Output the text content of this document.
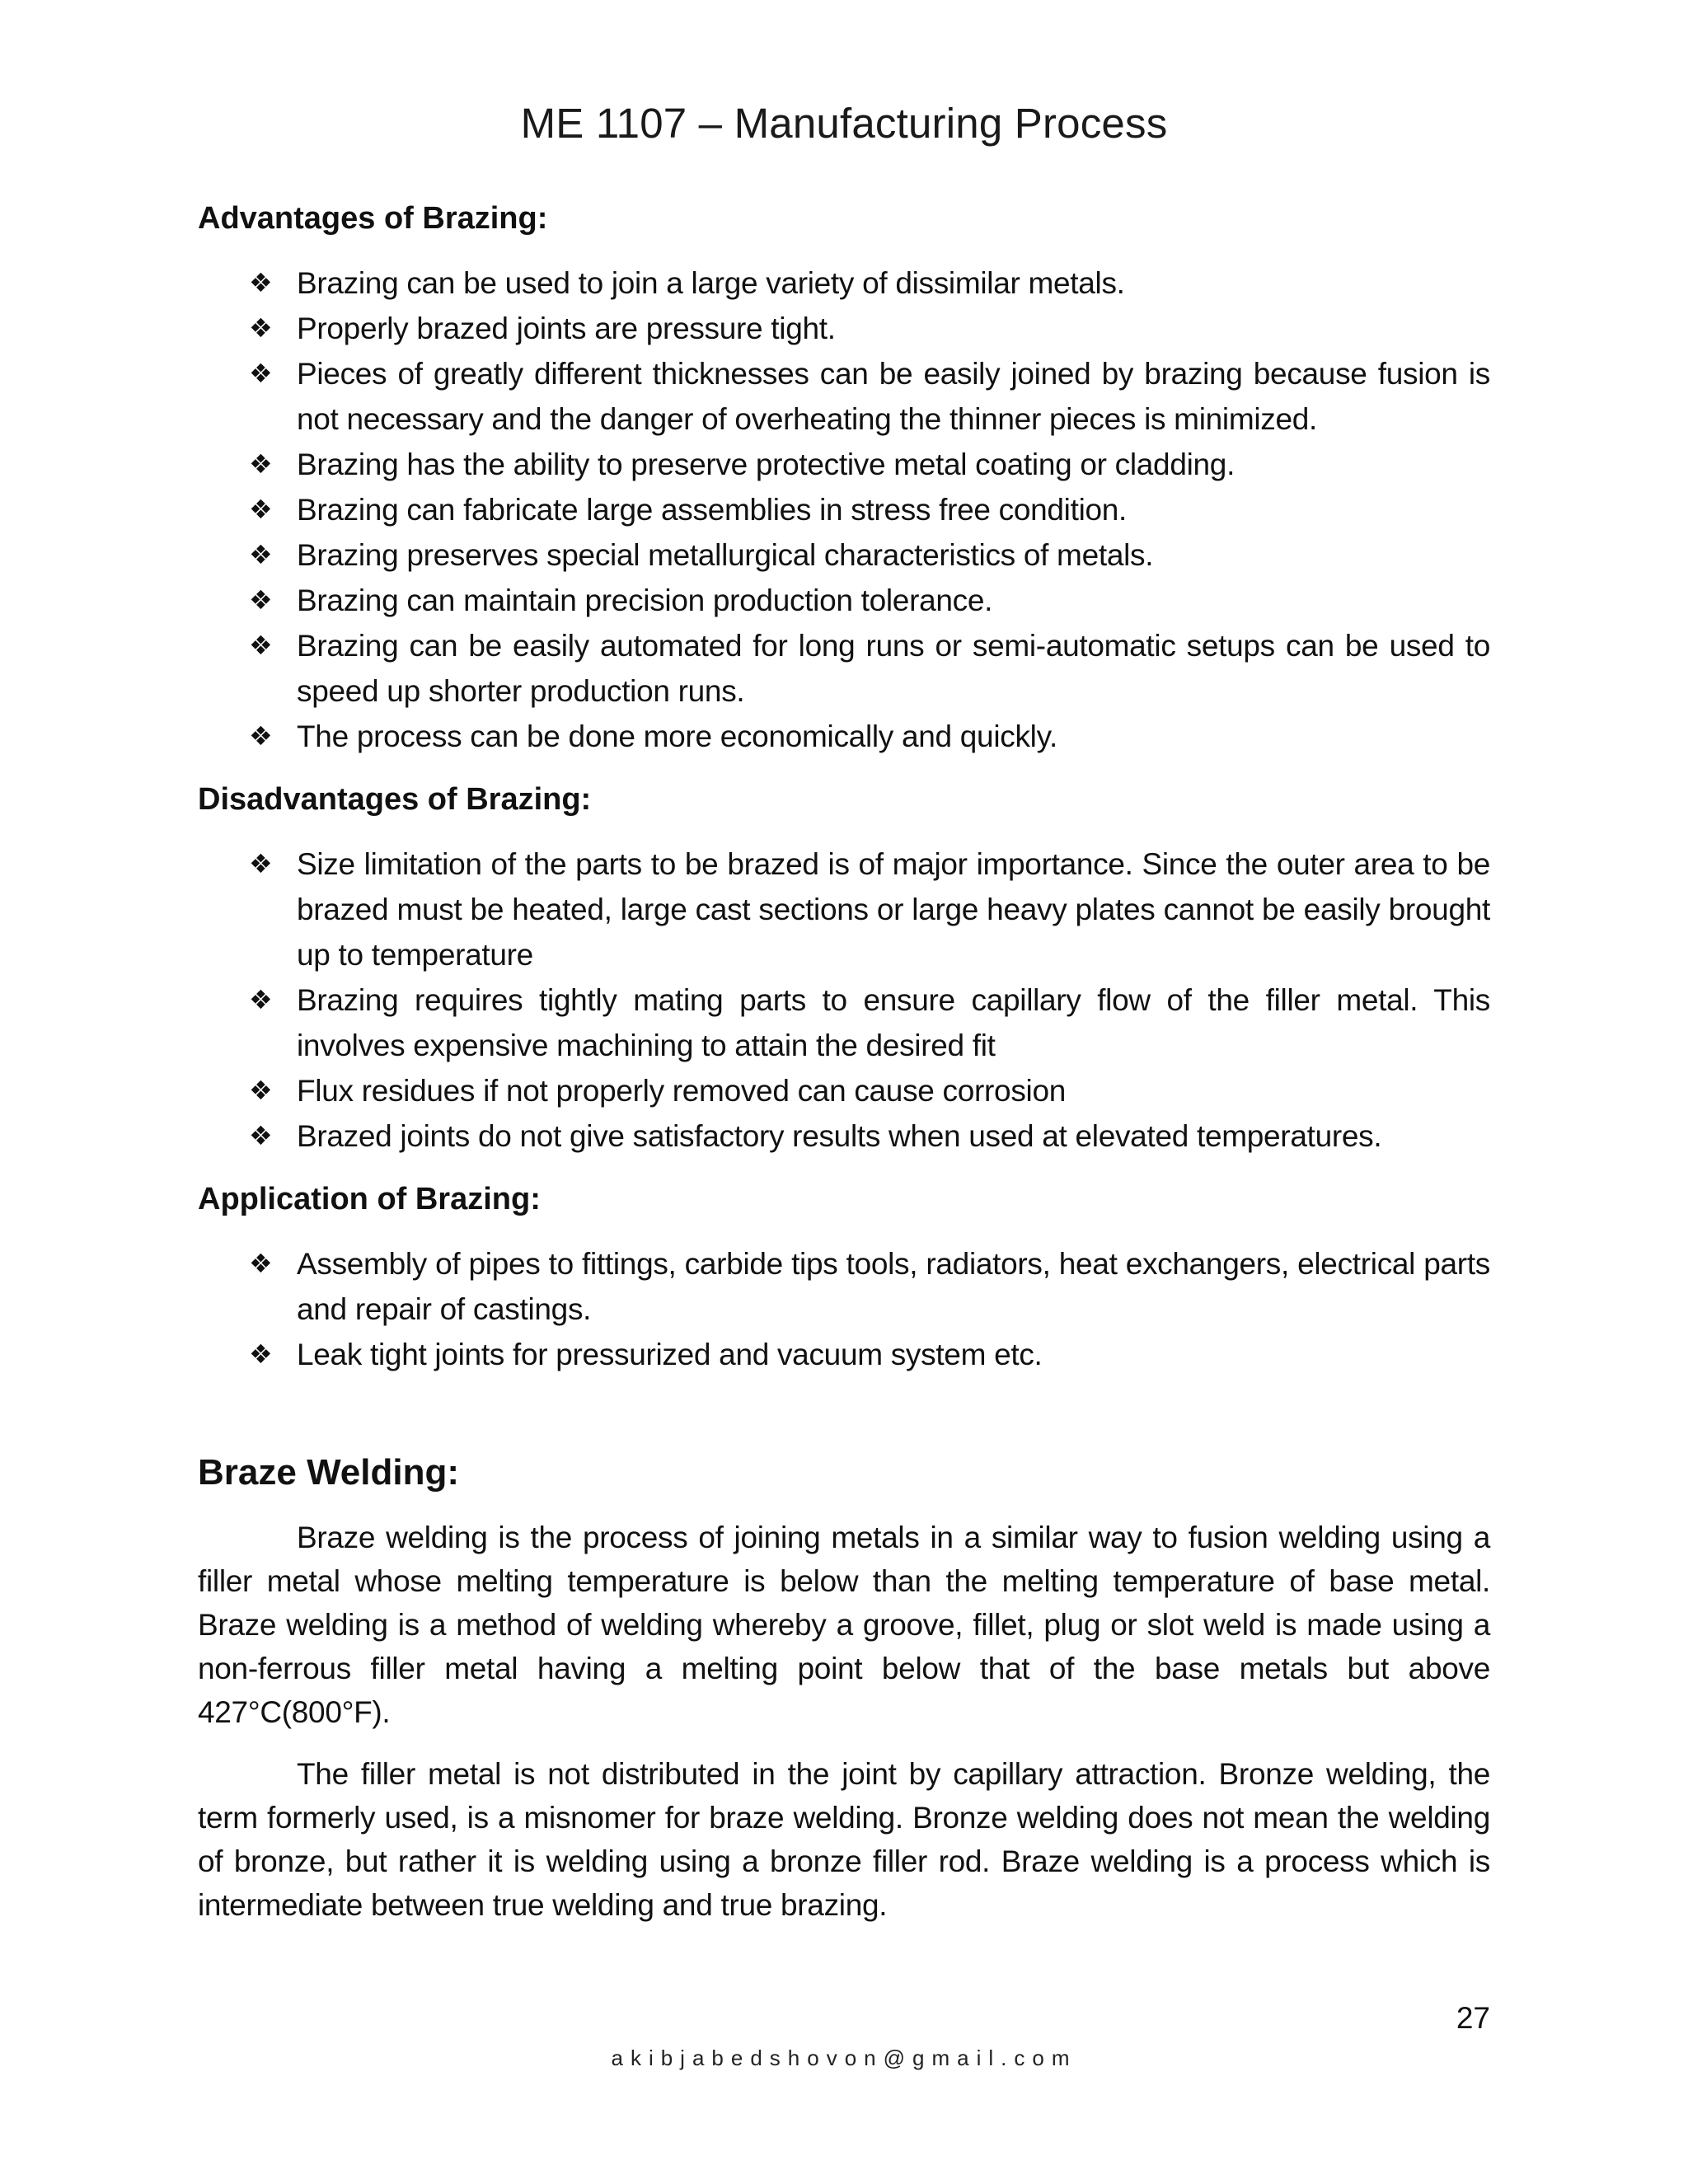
ME 1107 – Manufacturing Process
Advantages of Brazing:
❖ Brazing can be used to join a large variety of dissimilar metals.
❖ Properly brazed joints are pressure tight.
❖ Pieces of greatly different thicknesses can be easily joined by brazing because fusion is not necessary and the danger of overheating the thinner pieces is minimized.
❖ Brazing has the ability to preserve protective metal coating or cladding.
❖ Brazing can fabricate large assemblies in stress free condition.
❖ Brazing preserves special metallurgical characteristics of metals.
❖ Brazing can maintain precision production tolerance.
❖ Brazing can be easily automated for long runs or semi-automatic setups can be used to speed up shorter production runs.
❖ The process can be done more economically and quickly.
Disadvantages of Brazing:
❖ Size limitation of the parts to be brazed is of major importance. Since the outer area to be brazed must be heated, large cast sections or large heavy plates cannot be easily brought up to temperature
❖ Brazing requires tightly mating parts to ensure capillary flow of the filler metal. This involves expensive machining to attain the desired fit
❖ Flux residues if not properly removed can cause corrosion
❖ Brazed joints do not give satisfactory results when used at elevated temperatures.
Application of Brazing:
❖ Assembly of pipes to fittings, carbide tips tools, radiators, heat exchangers, electrical parts and repair of castings.
❖ Leak tight joints for pressurized and vacuum system etc.
Braze Welding:

Braze welding is the process of joining metals in a similar way to fusion welding using a filler metal whose melting temperature is below than the melting temperature of base metal. Braze welding is a method of welding whereby a groove, fillet, plug or slot weld is made using a non-ferrous filler metal having a melting point below that of the base metals but above 427°C(800°F).

The filler metal is not distributed in the joint by capillary attraction. Bronze welding, the term formerly used, is a misnomer for braze welding. Bronze welding does not mean the welding of bronze, but rather it is welding using a bronze filler rod. Braze welding is a process which is intermediate between true welding and true brazing.

27
akibjabedshovon@gmail.com
